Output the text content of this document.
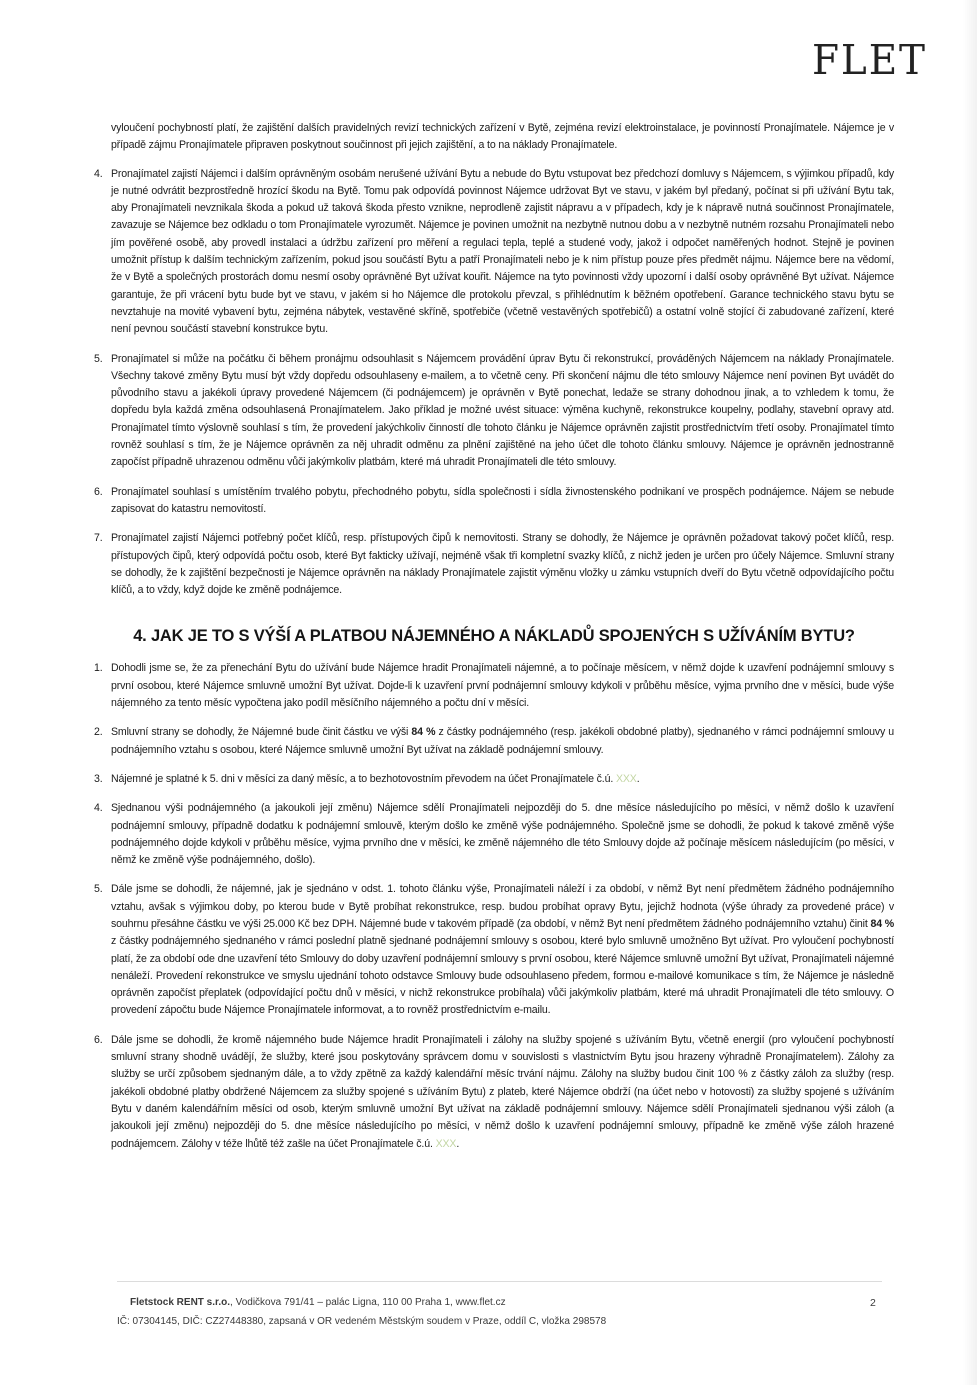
FLET

vyloučení pochybností platí, že zajištění dalších pravidelných revizí technických zařízení v Bytě, zejména revizí elektroinstalace, je povinností Pronajímatele. Nájemce je v případě zájmu Pronajímatele připraven poskytnout součinnost při jejich zajištění, a to na náklady Pronajímatele.

4. Pronajímatel zajistí Nájemci i dalším oprávněným osobám nerušené užívání Bytu a nebude do Bytu vstupovat bez předchozí domluvy s Nájemcem, s výjimkou případů, kdy je nutné odvrátit bezprostředně hrozící škodu na Bytě. Tomu pak odpovídá povinnost Nájemce udržovat Byt ve stavu, v jakém byl předaný, počínat si při užívání Bytu tak, aby Pronajímateli nevznikala škoda a pokud už taková škoda přesto vznikne, neprodleně zajistit nápravu a v případech, kdy je k nápravě nutná součinnost Pronajímatele, zavazuje se Nájemce bez odkladu o tom Pronajímatele vyrozumět. Nájemce je povinen umožnit na nezbytně nutnou dobu a v nezbytně nutném rozsahu Pronajímateli nebo jím pověřené osobě, aby provedl instalaci a údržbu zařízení pro měření a regulaci tepla, teplé a studené vody, jakož i odpočet naměřených hodnot. Stejně je povinen umožnit přístup k dalším technickým zařízením, pokud jsou součástí Bytu a patří Pronajímateli nebo je k nim přístup pouze přes předmět nájmu. Nájemce bere na vědomí, že v Bytě a společných prostorách domu nesmí osoby oprávněné Byt užívat kouřit. Nájemce na tyto povinnosti vždy upozorní i další osoby oprávněné Byt užívat. Nájemce garantuje, že při vrácení bytu bude byt ve stavu, v jakém si ho Nájemce dle protokolu převzal, s přihlédnutím k běžném opotřebení. Garance technického stavu bytu se nevztahuje na movité vybavení bytu, zejména nábytek, vestavěné skříně, spotřebiče (včetně vestavěných spotřebičů) a ostatní volně stojící či zabudované zařízení, které není pevnou součástí stavební konstrukce bytu.
5. Pronajímatel si může na počátku či během pronájmu odsouhlasit s Nájemcem provádění úprav Bytu či rekonstrukcí, prováděných Nájemcem na náklady Pronajímatele. Všechny takové změny Bytu musí být vždy dopředu odsouhlaseny e-mailem, a to včetně ceny. Při skončení nájmu dle této smlouvy Nájemce není povinen Byt uvádět do původního stavu a jakékoli úpravy provedené Nájemcem (či podnájemcem) je oprávněn v Bytě ponechat, ledaže se strany dohodnou jinak, a to vzhledem k tomu, že dopředu byla každá změna odsouhlasená Pronajímatelem. Jako příklad je možné uvést situace: výměna kuchyně, rekonstrukce koupelny, podlahy, stavební opravy atd. Pronajímatel tímto výslovně souhlasí s tím, že provedení jakýchkoliv činností dle tohoto článku je Nájemce oprávněn zajistit prostřednictvím třetí osoby. Pronajímatel tímto rovněž souhlasí s tím, že je Nájemce oprávněn za něj uhradit odměnu za plnění zajištěné na jeho účet dle tohoto článku smlouvy. Nájemce je oprávněn jednostranně započíst případně uhrazenou odměnu vůči jakýmkoliv platbám, které má uhradit Pronajímateli dle této smlouvy.
6. Pronajímatel souhlasí s umístěním trvalého pobytu, přechodného pobytu, sídla společnosti i sídla živnostenského podnikaní ve prospěch podnájemce. Nájem se nebude zapisovat do katastru nemovitostí.
7. Pronajímatel zajistí Nájemci potřebný počet klíčů, resp. přístupových čipů k nemovitosti. Strany se dohodly, že Nájemce je oprávněn požadovat takový počet klíčů, resp. přístupových čipů, který odpovídá počtu osob, které Byt fakticky užívají, nejméně však tři kompletní svazky klíčů, z nichž jeden je určen pro účely Nájemce. Smluvní strany se dohodly, že k zajištění bezpečnosti je Nájemce oprávněn na náklady Pronajímatele zajistit výměnu vložky u zámku vstupních dveří do Bytu včetně odpovídajícího počtu klíčů, a to vždy, když dojde ke změně podnájemce.
4. JAK JE TO S VÝŠÍ A PLATBOU NÁJEMNÉHO A NÁKLADŮ SPOJENÝCH S UŽÍVÁNÍM BYTU?
1. Dohodli jsme se, že za přenechání Bytu do užívání bude Nájemce hradit Pronajímateli nájemné, a to počínaje měsícem, v němž dojde k uzavření podnájemní smlouvy s první osobou, které Nájemce smluvně umožní Byt užívat. Dojde-li k uzavření první podnájemní smlouvy kdykoli v průběhu měsíce, vyjma prvního dne v měsíci, bude výše nájemného za tento měsíc vypočtena jako podíl měsíčního nájemného a počtu dní v měsíci.
2. Smluvní strany se dohodly, že Nájemné bude činit částku ve výši 84 % z částky podnájemného (resp. jakékoli obdobné platby), sjednaného v rámci podnájemní smlouvy u podnájemního vztahu s osobou, které Nájemce smluvně umožní Byt užívat na základě podnájemní smlouvy.
3. Nájemné je splatné k 5. dni v měsíci za daný měsíc, a to bezhotovostním převodem na účet Pronajímatele č.ú. XXX.
4. Sjednanou výši podnájemného (a jakoukoli její změnu) Nájemce sdělí Pronajímateli nejpozději do 5. dne měsíce následujícího po měsíci, v němž došlo k uzavření podnájemní smlouvy, případně dodatku k podnájemní smlouvě, kterým došlo ke změně výše podnájemného. Společně jsme se dohodli, že pokud k takové změně výše podnájemného dojde kdykoli v průběhu měsíce, vyjma prvního dne v měsíci, ke změně nájemného dle této Smlouvy dojde až počínaje měsícem následujícím (po měsíci, v němž ke změně výše podnájemného, došlo).
5. Dále jsme se dohodli, že nájemné, jak je sjednáno v odst. 1. tohoto článku výše, Pronajímateli náleží i za období, v němž Byt není předmětem žádného podnájemního vztahu, avšak s výjimkou doby, po kterou bude v Bytě probíhat rekonstrukce, resp. budou probíhat opravy Bytu, jejichž hodnota (výše úhrady za provedené práce) v souhrnu přesáhne částku ve výši 25.000 Kč bez DPH. Nájemné bude v takovém případě (za období, v němž Byt není předmětem žádného podnájemního vztahu) činit 84 % z částky podnájemného sjednaného v rámci poslední platně sjednané podnájemní smlouvy s osobou, které bylo smluvně umožněno Byt užívat. Pro vyloučení pochybností platí, že za období ode dne uzavření této Smlouvy do doby uzavření podnájemní smlouvy s první osobou, které Nájemce smluvně umožní Byt užívat, Pronajímateli nájemné nenáleží. Provedení rekonstrukce ve smyslu ujednání tohoto odstavce Smlouvy bude odsouhlaseno předem, formou e-mailové komunikace s tím, že Nájemce je následně oprávněn započíst přeplatek (odpovídající počtu dnů v měsíci, v nichž rekonstrukce probíhala) vůči jakýmkoliv platbám, které má uhradit Pronajímateli dle této smlouvy. O provedení zápočtu bude Nájemce Pronajímatele informovat, a to rovněž prostřednictvím e-mailu.
6. Dále jsme se dohodli, že kromě nájemného bude Nájemce hradit Pronajímateli i zálohy na služby spojené s užíváním Bytu, včetně energií (pro vyloučení pochybností smluvní strany shodně uvádějí, že služby, které jsou poskytovány správcem domu v souvislosti s vlastnictvím Bytu jsou hrazeny výhradně Pronajímatelem). Zálohy za služby se určí způsobem sjednaným dále, a to vždy zpětně za každý kalendářní měsíc trvání nájmu. Zálohy na služby budou činit 100 % z částky záloh za služby (resp. jakékoli obdobné platby obdržené Nájemcem za služby spojené s užíváním Bytu) z plateb, které Nájemce obdrží (na účet nebo v hotovosti) za služby spojené s užíváním Bytu v daném kalendářním měsíci od osob, kterým smluvně umožní Byt užívat na základě podnájemní smlouvy. Nájemce sdělí Pronajímateli sjednanou výši záloh (a jakoukoli její změnu) nejpozději do 5. dne měsíce následujícího po měsíci, v němž došlo k uzavření podnájemní smlouvy, případně ke změně výše záloh hrazené podnájemcem. Zálohy v téže lhůtě též zašle na účet Pronajímatele č.ú. XXX.
Fletstock RENT s.r.o., Vodičkova 791/41 – palác Ligna, 110 00 Praha 1, www.flet.cz
IČ: 07304145, DIČ: CZ27448380, zapsaná v OR vedeném Městským soudem v Praze, oddíl C, vložka 298578
2
